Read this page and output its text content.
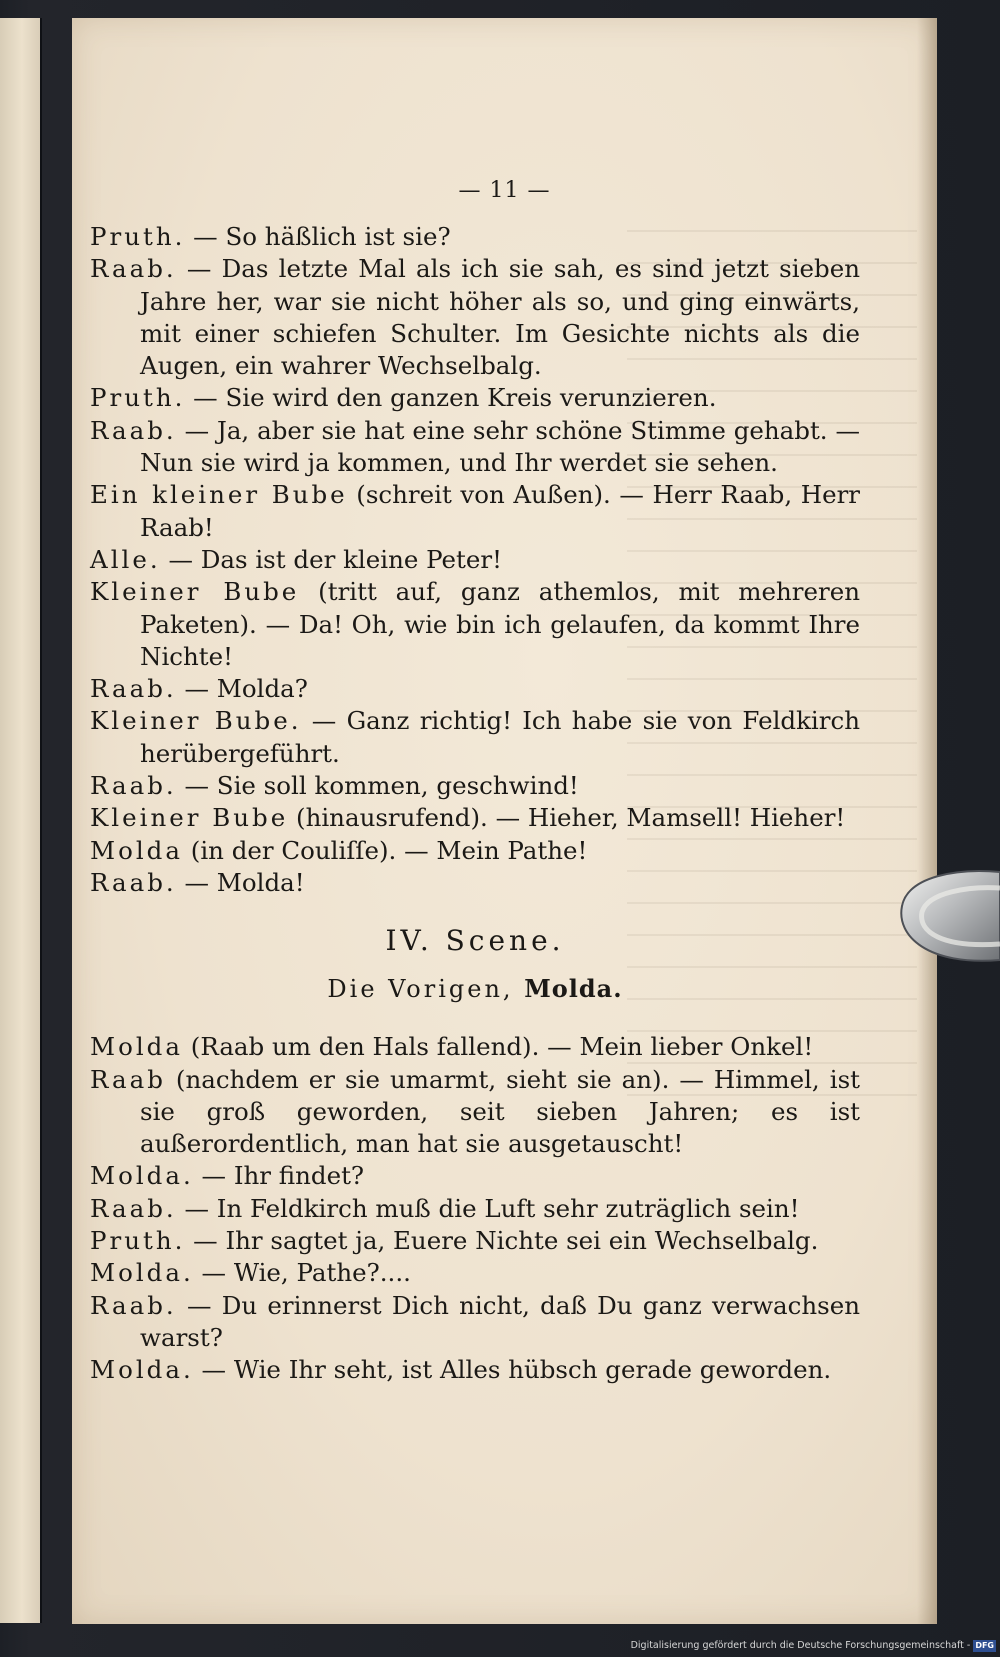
— 11 —

Pruth. — So häßlich ist sie?

Raab. — Das letzte Mal als ich sie sah, es sind jetzt sieben Jahre her, war sie nicht höher als so, und ging einwärts, mit einer schiefen Schulter. Im Gesichte nichts als die Augen, ein wahrer Wechselbalg.

Pruth. — Sie wird den ganzen Kreis verunzieren.

Raab. — Ja, aber sie hat eine sehr schöne Stimme gehabt. — Nun sie wird ja kommen, und Ihr werdet sie sehen.

Ein kleiner Bube (schreit von Außen). — Herr Raab, Herr Raab!

Alle. — Das ist der kleine Peter!

Kleiner Bube (tritt auf, ganz athemlos, mit mehreren Paketen). — Da! Oh, wie bin ich gelaufen, da kommt Ihre Nichte!

Raab. — Molda?

Kleiner Bube. — Ganz richtig! Ich habe sie von Feldkirch herübergeführt.

Raab. — Sie soll kommen, geschwind!

Kleiner Bube (hinausrufend). — Hieher, Mamsell! Hieher!

Molda (in der Couliſſe). — Mein Pathe!

Raab. — Molda!

IV. Scene.

Die Vorigen, Molda.

Molda (Raab um den Hals fallend). — Mein lieber Onkel!

Raab (nachdem er sie umarmt, sieht sie an). — Himmel, ist sie groß geworden, seit sieben Jahren; es ist außerordentlich, man hat sie ausgetauscht!

Molda. — Ihr findet?

Raab. — In Feldkirch muß die Luft sehr zuträglich sein!

Pruth. — Ihr sagtet ja, Euere Nichte sei ein Wechselbalg.

Molda. — Wie, Pathe?....

Raab. — Du erinnerst Dich nicht, daß Du ganz verwachsen warst?

Molda. — Wie Ihr seht, ist Alles hübsch gerade geworden.

Digitalisierung gefördert durch die Deutsche Forschungsgemeinschaft - DFG
